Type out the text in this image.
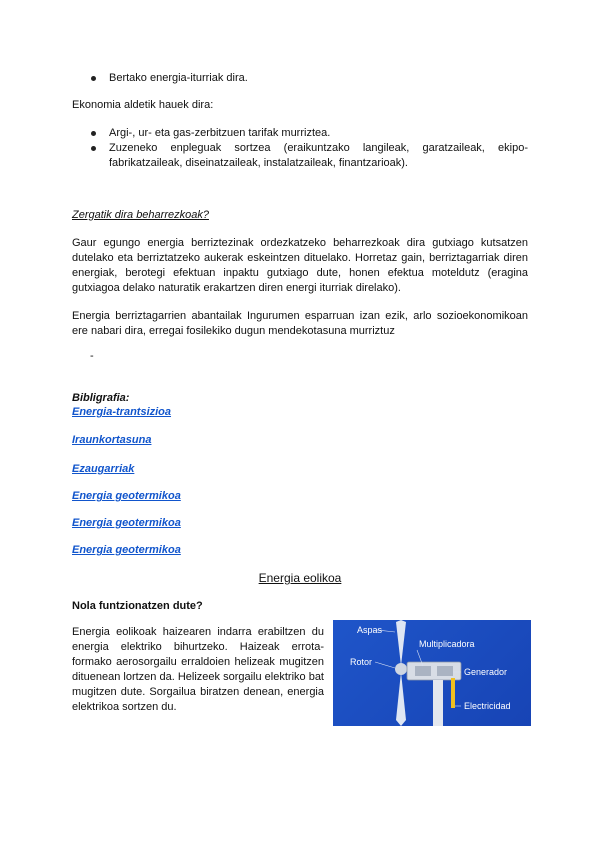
Bertako energia-iturriak dira.
Ekonomia aldetik hauek dira:
Argi-, ur- eta gas-zerbitzuen tarifak murriztea.
Zuzeneko enpleguak sortzea (eraikuntzako langileak, garatzaileak, ekipo-fabrikatzaileak, diseinatzaileak, instalatzaileak, finantzarioak).
Zergatik dira beharrezkoak?
Gaur egungo energia berriztezinak ordezkatzeko beharrezkoak dira gutxiago kutsatzen dutelako eta berriztatzeko aukerak eskeintzen dituelako. Horretaz gain, berriztagarriak diren energiak, berotegi efektuan inpaktu gutxiago dute, honen efektua moteldutz (eragina gutxiagoa delako naturatik erakartzen diren energi iturriak direlako).
Energia berriztagarrien abantailak Ingurumen esparruan izan ezik, arlo sozioekonomikoan ere nabari dira, erregai fosilekiko dugun mendekotasuna murriztuz
-
Bibligrafia:
Energia-trantsizioa
Iraunkortasuna
Ezaugarriak
Energia geotermikoa
Energia geotermikoa
Energia geotermikoa
Energia eolikoa
Nola funtzionatzen dute?
Energia eolikoak haizearen indarra erabiltzen du energia elektriko bihurtzeko. Haizeak errota-formako aerosorgailu erraldoien helizeak mugitzen dituenean lortzen da. Helizeek sorgailu elektriko bat mugitzen dute. Sorgailua biratzen denean, energia elektrikoa sortzen du.
Aspas
Multiplicadora
Rotor
Generador
Electricidad
